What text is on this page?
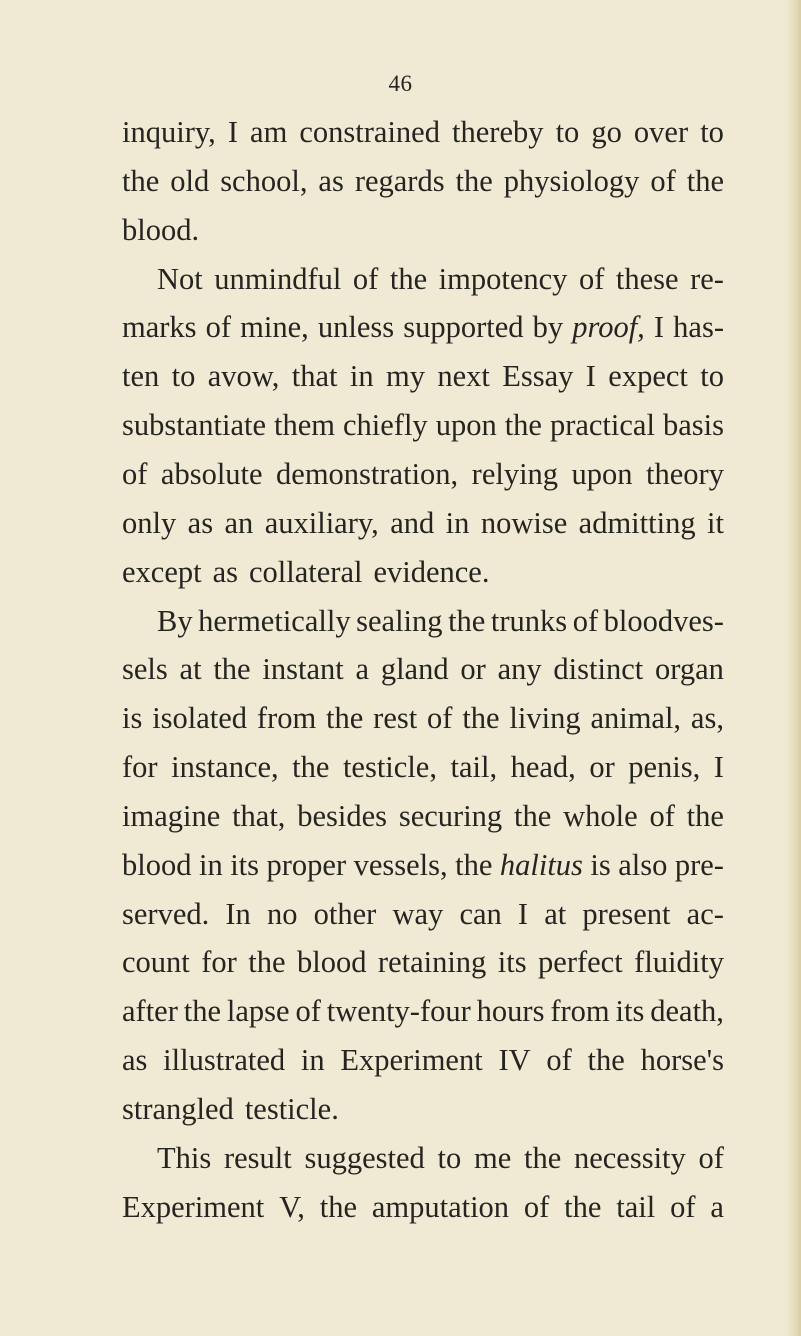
46
inquiry, I am constrained thereby to go over to
the old school, as regards the physiology of the
blood.
Not unmindful of the impotency of these re-
marks of mine, unless supported by proof, I has-
ten to avow, that in my next Essay I expect to
substantiate them chiefly upon the practical basis
of absolute demonstration, relying upon theory
only as an auxiliary, and in nowise admitting it
except as collateral evidence.
By hermetically sealing the trunks of bloodves-
sels at the instant a gland or any distinct organ
is isolated from the rest of the living animal, as,
for instance, the testicle, tail, head, or penis, I
imagine that, besides securing the whole of the
blood in its proper vessels, the halitus is also pre-
served. In no other way can I at present ac-
count for the blood retaining its perfect fluidity
after the lapse of twenty-four hours from its death,
as illustrated in Experiment IV of the horse's
strangled testicle.
This result suggested to me the necessity of
Experiment V, the amputation of the tail of a
